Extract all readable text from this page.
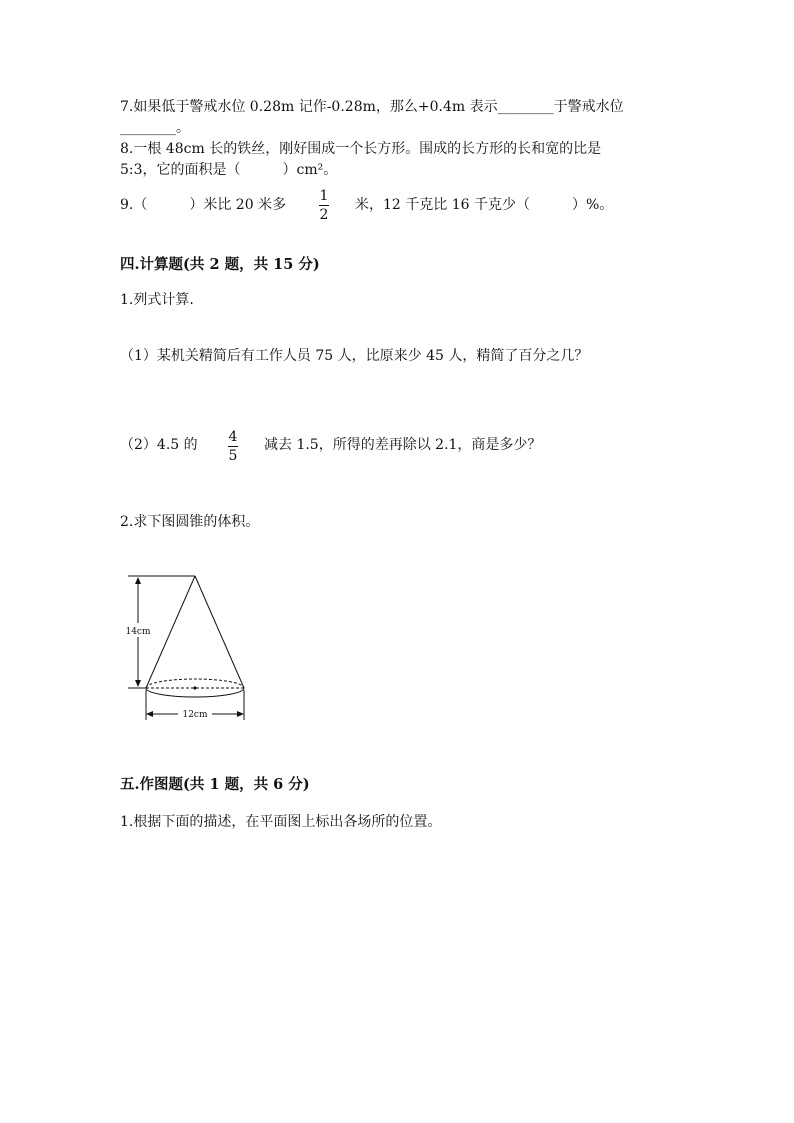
7.如果低于警戒水位 0.28m 记作-0.28m，那么+0.4m 表示________于警戒水位
________。
8.一根 48cm 长的铁丝，刚好围成一个长方形。围成的长方形的长和宽的比是
5:3，它的面积是（　　　）cm²。
9.（　　　）米比 20 米多
1
2
米，12 千克比 16 千克少（　　　）%。
四.计算题(共 2 题，共 15 分)
1.列式计算.
（1）某机关精简后有工作人员 75 人，比原来少 45 人，精简了百分之几？
（2）4.5 的 4
5
减去 1.5，所得的差再除以 2.1，商是多少？
2.求下图圆锥的体积。
14cm
12cm
五.作图题(共 1 题，共 6 分)
1.根据下面的描述，在平面图上标出各场所的位置。
